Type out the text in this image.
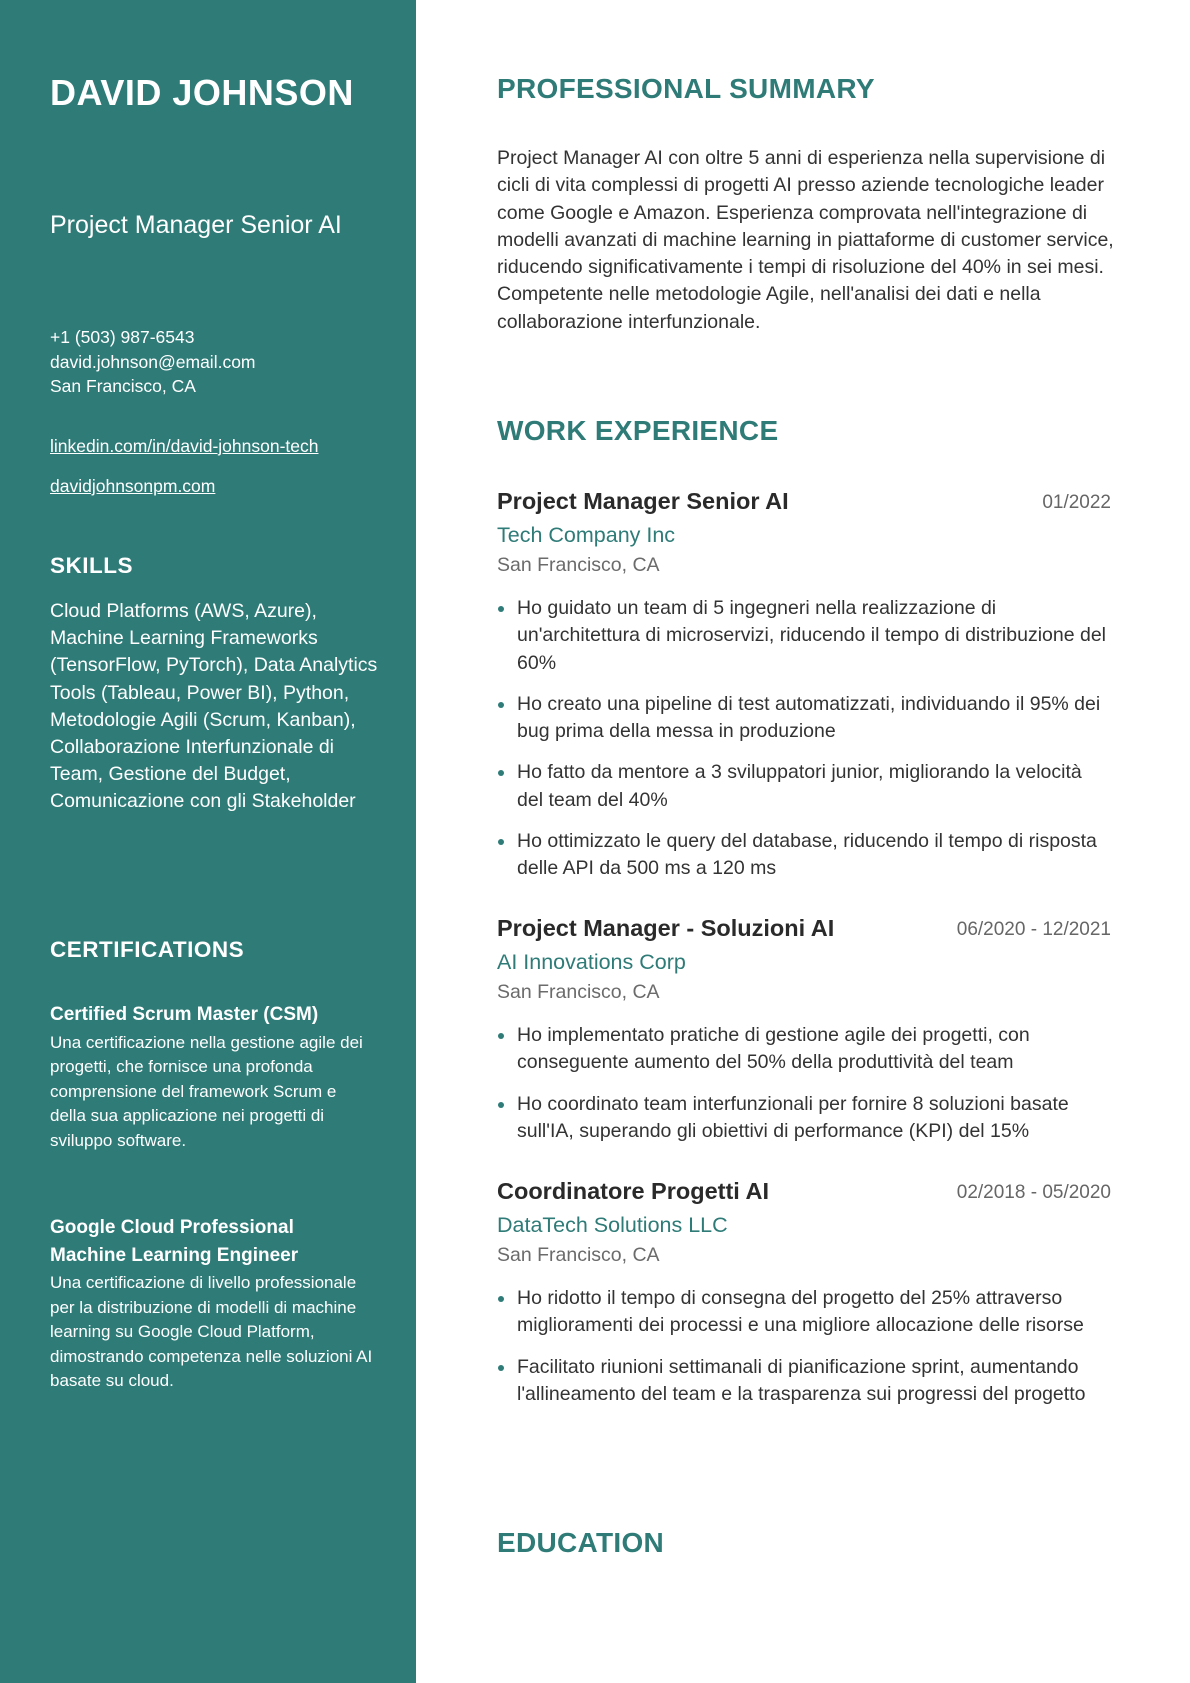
DAVID JOHNSON
Project Manager Senior AI
+1 (503) 987-6543
david.johnson@email.com
San Francisco, CA
linkedin.com/in/david-johnson-tech
davidjohnsonpm.com
SKILLS
Cloud Platforms (AWS, Azure), Machine Learning Frameworks (TensorFlow, PyTorch), Data Analytics Tools (Tableau, Power BI), Python, Metodologie Agili (Scrum, Kanban), Collaborazione Interfunzionale di Team, Gestione del Budget, Comunicazione con gli Stakeholder
CERTIFICATIONS
Certified Scrum Master (CSM)
Una certificazione nella gestione agile dei progetti, che fornisce una profonda comprensione del framework Scrum e della sua applicazione nei progetti di sviluppo software.
Google Cloud Professional Machine Learning Engineer
Una certificazione di livello professionale per la distribuzione di modelli di machine learning su Google Cloud Platform, dimostrando competenza nelle soluzioni AI basate su cloud.
PROFESSIONAL SUMMARY
Project Manager AI con oltre 5 anni di esperienza nella supervisione di cicli di vita complessi di progetti AI presso aziende tecnologiche leader come Google e Amazon. Esperienza comprovata nell'integrazione di modelli avanzati di machine learning in piattaforme di customer service, riducendo significativamente i tempi di risoluzione del 40% in sei mesi. Competente nelle metodologie Agile, nell'analisi dei dati e nella collaborazione interfunzionale.
WORK EXPERIENCE
Project Manager Senior AI	01/2022
Tech Company Inc
San Francisco, CA
Ho guidato un team di 5 ingegneri nella realizzazione di un'architettura di microservizi, riducendo il tempo di distribuzione del 60%
Ho creato una pipeline di test automatizzati, individuando il 95% dei bug prima della messa in produzione
Ho fatto da mentore a 3 sviluppatori junior, migliorando la velocità del team del 40%
Ho ottimizzato le query del database, riducendo il tempo di risposta delle API da 500 ms a 120 ms
Project Manager - Soluzioni AI	06/2020 - 12/2021
AI Innovations Corp
San Francisco, CA
Ho implementato pratiche di gestione agile dei progetti, con conseguente aumento del 50% della produttività del team
Ho coordinato team interfunzionali per fornire 8 soluzioni basate sull'IA, superando gli obiettivi di performance (KPI) del 15%
Coordinatore Progetti AI	02/2018 - 05/2020
DataTech Solutions LLC
San Francisco, CA
Ho ridotto il tempo di consegna del progetto del 25% attraverso miglioramenti dei processi e una migliore allocazione delle risorse
Facilitato riunioni settimanali di pianificazione sprint, aumentando l'allineamento del team e la trasparenza sui progressi del progetto
EDUCATION
